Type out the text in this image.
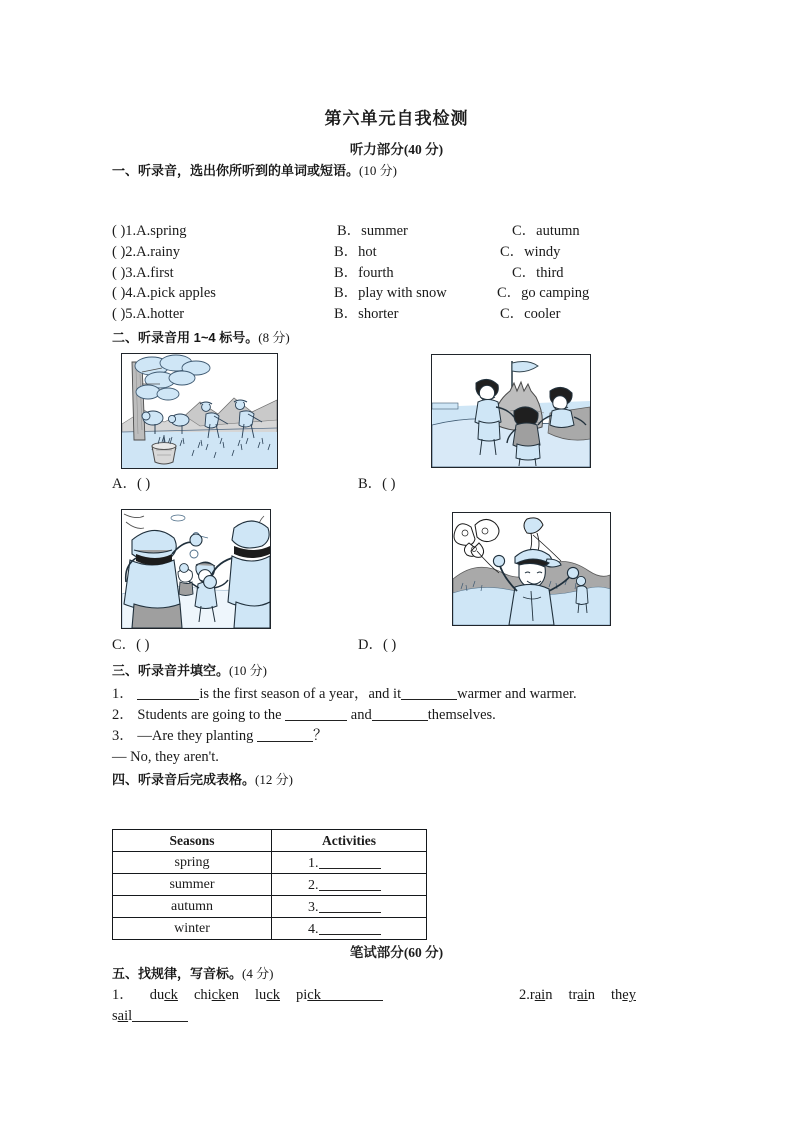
第六单元自我检测
听力部分(40 分)
一、听录音，选出你所听到的单词或短语。(10 分)
( )1.A.spring	B．summer	C．autumn
( )2.A.rainy	B．hot	C．windy
( )3.A.first	B．fourth	C．third
( )4.A.pick apples	B．play with snow	C．go camping
( )5.A.hotter	B．shorter	C．cooler
二、听录音用 1~4 标号。(8 分)
A．( )	B．( )
C．( )	D．( )
三、听录音并填空。(10 分)
1．	is the first season of a year，and it	warmer and warmer.
2． Students are going to the	and	themselves.
3． —Are they planting	？
— No, they aren't.
四、听录音后完成表格。(12 分)
Seasons	Activities
spring	1.
summer	2.
autumn	3.
winter	4.
笔试部分(60 分)
五、找规律，写音标。(4 分)
1． duck chicken luck pick	2.rain train they
sail
